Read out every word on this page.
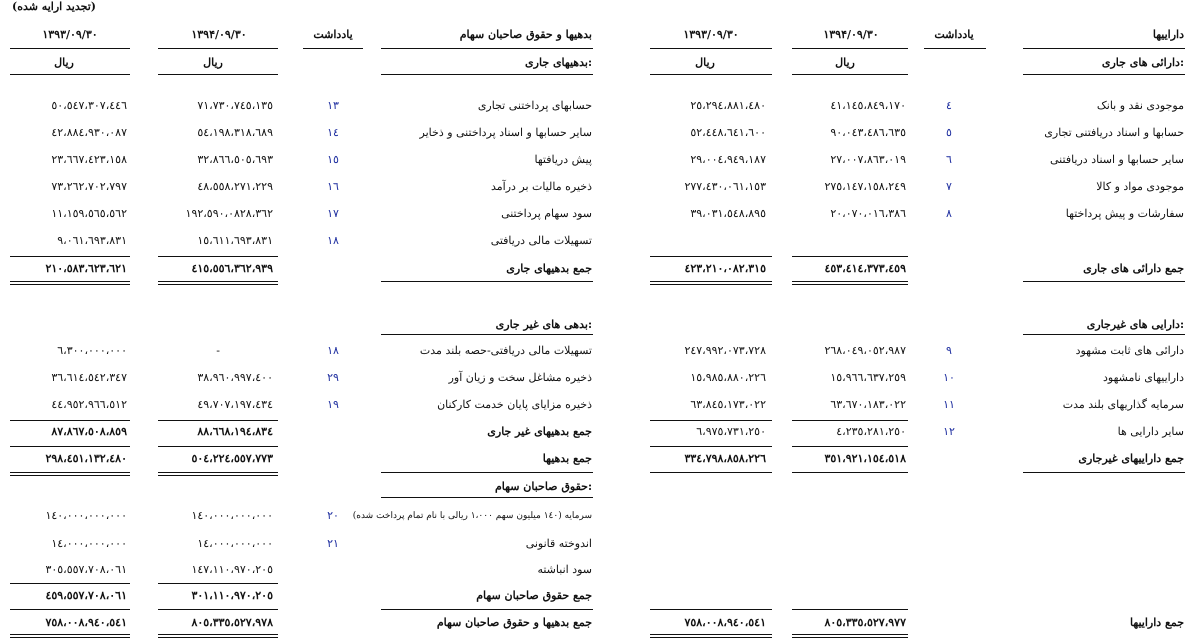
(تجدید ارایه شده)
داراییها
یادداشت
۱۳۹۴/۰۹/۳۰
۱۳۹۳/۰۹/۳۰
بدهیها و حقوق صاحبان سهام
یادداشت
۱۳۹۴/۰۹/۳۰
۱۳۹۳/۰۹/۳۰
دارائی های جاری:
ریال
ریال
بدهیهای جاری:
ریال
ریال
موجودی نقد و بانک
٤
٤١،١٤٥،٨٤٩،١٧٠
٢٥،٢٩٤،٨٨١،٤٨٠
حسابها و اسناد دریافتنی تجاری
٥
٩٠،٠٤٣،٤٨٦،٦٣٥
٥٢،٤٤٨،٦٤١،٦٠٠
سایر حسابها و اسناد دریافتنی
٦
٢٧،٠٠٧،٨٦٣،٠١٩
٢٩،٠٠٤،٩٤٩،١٨٧
موجودی مواد و کالا
٧
٢٧٥،١٤٧،١٥٨،٢٤٩
٢٧٧،٤٣٠،٠٦١،١٥٣
سفارشات و پیش پرداختها
٨
٢٠،٠٧٠،٠١٦،٣٨٦
٣٩،٠٣١،٥٤٨،٨٩٥
حسابهای پرداختنی تجاری
١٣
٧١،٧٣٠،٧٤٥،١٣٥
٥٠،٥٤٧،٣٠٧،٤٤٦
سایر حسابها و اسناد پرداختنی و ذخایر
١٤
٥٤،١٩٨،٣١٨،٦٨٩
٤٢،٨٨٤،٩٣٠،٠٨٧
پیش دریافتها
١٥
٣٢،٨٦٦،٥٠٥،٦٩٣
٢٣،٦٦٧،٤٢٣،١٥٨
ذخیره مالیات بر درآمد
١٦
٤٨،٥٥٨،٢٧١،٢٢٩
٧٣،٢٦٢،٧٠٢،٧٩٧
سود سهام پرداختنی
١٧
١٩٢،٥٩٠،٠٨٢٨،٣٦٢
١١،١٥٩،٥٦٥،٥٦٢
تسهیلات مالی دریافتی
١٨
١٥،٦١١،٦٩٣،٨٣١
٩،٠٦١،٦٩٣،٨٣١
جمع دارائی های جاری
٤٥٣،٤١٤،٣٧٣،٤٥٩
٤٢٣،٢١٠،٠٨٢،٣١٥
جمع بدهیهای جاری
٤١٥،٥٥٦،٣٦٢،٩٣٩
٢١٠،٥٨٣،٦٢٣،٦٢١
دارایی های غیرجاری:
بدهی های غیر جاری:
دارائی های ثابت مشهود
٩
٢٦٨،٠٤٩،٠٥٢،٩٨٧
٢٤٧،٩٩٢،٠٧٣،٧٢٨
داراییهای نامشهود
١٠
١٥،٩٦٦،٦٣٧،٢٥٩
١٥،٩٨٥،٨٨٠،٢٢٦
سرمایه گذاریهای بلند مدت
١١
٦٣،٦٧٠،١٨٣،٠٢٢
٦٣،٨٤٥،١٧٣،٠٢٢
سایر دارایی ها
١٢
٤،٢٣٥،٢٨١،٢٥٠
٦،٩٧٥،٧٣١،٢٥٠
تسهیلات مالی دریافتی-حصه بلند مدت
١٨
-
٦،٣٠٠،٠٠٠،٠٠٠
ذخیره مشاغل سخت و زیان آور
٢٩
٣٨،٩٦٠،٩٩٧،٤٠٠
٣٦،٦١٤،٥٤٢،٣٤٧
ذخیره مزایای پایان خدمت کارکنان
١٩
٤٩،٧٠٧،١٩٧،٤٣٤
٤٤،٩٥٢،٩٦٦،٥١٢
جمع بدهیهای غیر جاری
٨٨،٦٦٨،١٩٤،٨٣٤
٨٧،٨٦٧،٥٠٨،٨٥٩
جمع داراییهای غیرجاری
٣٥١،٩٢١،١٥٤،٥١٨
٣٣٤،٧٩٨،٨٥٨،٢٢٦
جمع بدهیها
٥٠٤،٢٢٤،٥٥٧،٧٧٣
٢٩٨،٤٥١،١٣٢،٤٨٠
حقوق صاحبان سهام:
سرمایه (١٤٠ میلیون سهم ١،٠٠٠ ریالی با نام تمام پرداخت شده)
٢٠
١٤٠،٠٠٠،٠٠٠،٠٠٠
١٤٠،٠٠٠،٠٠٠،٠٠٠
اندوخته قانونی
٢١
١٤،٠٠٠،٠٠٠،٠٠٠
١٤،٠٠٠،٠٠٠،٠٠٠
سود انباشته
١٤٧،١١٠،٩٧٠،٢٠٥
٣٠٥،٥٥٧،٧٠٨،٠٦١
جمع حقوق صاحبان سهام
٣٠١،١١٠،٩٧٠،٢٠٥
٤٥٩،٥٥٧،٧٠٨،٠٦١
جمع داراییها
٨٠٥،٣٣٥،٥٢٧،٩٧٧
٧٥٨،٠٠٨،٩٤٠،٥٤١
جمع بدهیها و حقوق صاحبان سهام
٨٠٥،٣٣٥،٥٢٧،٩٧٨
٧٥٨،٠٠٨،٩٤٠،٥٤١
